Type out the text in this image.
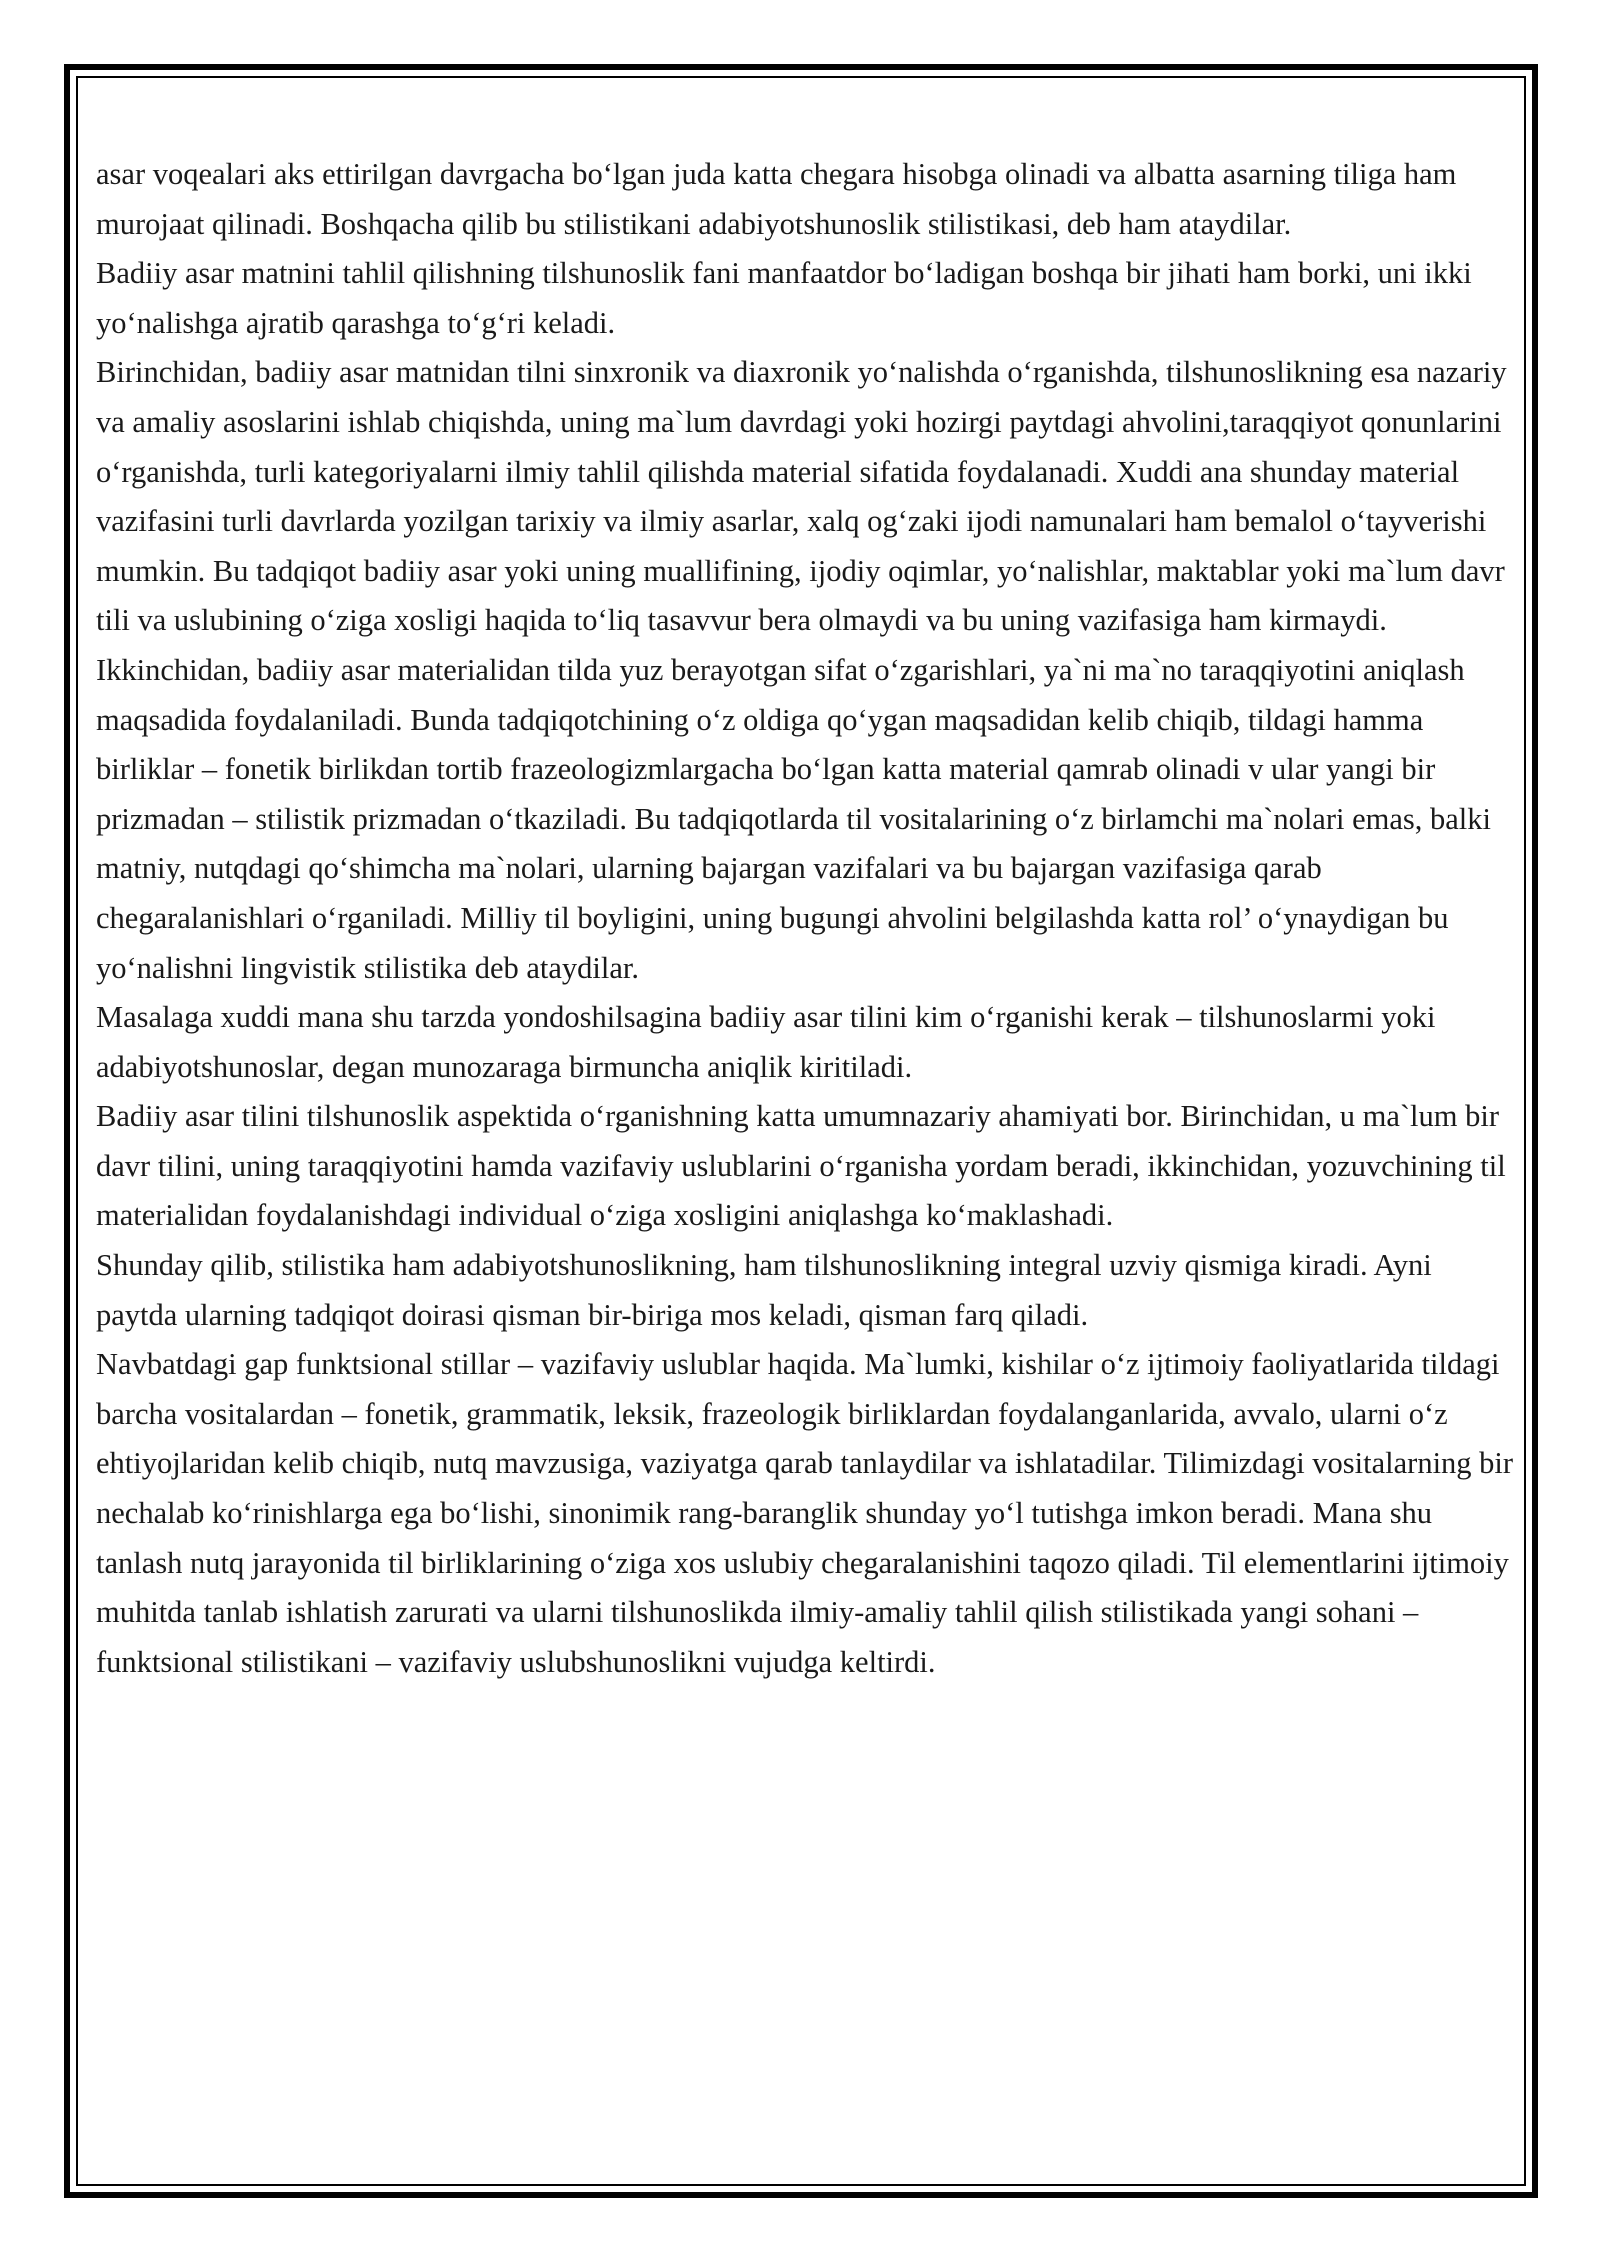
asar voqealari aks ettirilgan davrgacha bo‘lgan juda katta chegara hisobga olinadi va albatta asarning tiliga ham murojaat qilinadi. Boshqacha qilib bu stilistikani adabiyotshunoslik stilistikasi, deb ham ataydilar.

Badiiy asar matnini tahlil qilishning tilshunoslik fani manfaatdor bo‘ladigan boshqa bir jihati ham borki, uni ikki yo‘nalishga ajratib qarashga to‘g‘ri keladi.

Birinchidan, badiiy asar matnidan tilni sinxronik va diaxronik yo‘nalishda o‘rganishda, tilshunoslikning esa nazariy va amaliy asoslarini ishlab chiqishda, uning ma`lum davrdagi yoki hozirgi paytdagi ahvolini,taraqqiyot qonunlarini o‘rganishda, turli kategoriyalarni ilmiy tahlil qilishda material sifatida foydalanadi. Xuddi ana shunday material vazifasini turli davrlarda yozilgan tarixiy va ilmiy asarlar, xalq og‘zaki ijodi namunalari ham bemalol o‘tayverishi mumkin. Bu tadqiqot badiiy asar yoki uning muallifining, ijodiy oqimlar, yo‘nalishlar, maktablar yoki ma`lum davr tili va uslubining o‘ziga xosligi haqida to‘liq tasavvur bera olmaydi va bu uning vazifasiga ham kirmaydi.

Ikkinchidan, badiiy asar materialidan tilda yuz berayotgan sifat o‘zgarishlari, ya`ni ma`no taraqqiyotini aniqlash maqsadida foydalaniladi. Bunda tadqiqotchining o‘z oldiga qo‘ygan maqsadidan kelib chiqib, tildagi hamma birliklar – fonetik birlikdan tortib frazeologizmlargacha bo‘lgan katta material qamrab olinadi v ular yangi bir prizmadan – stilistik prizmadan o‘tkaziladi. Bu tadqiqotlarda til vositalarining o‘z birlamchi ma`nolari emas, balki matniy, nutqdagi qo‘shimcha ma`nolari, ularning bajargan vazifalari va bu bajargan vazifasiga qarab chegaralanishlari o‘rganiladi. Milliy til boyligini, uning bugungi ahvolini belgilashda katta rol’ o‘ynaydigan bu yo‘nalishni lingvistik stilistika deb ataydilar.

Masalaga xuddi mana shu tarzda yondoshilsagina badiiy asar tilini kim o‘rganishi kerak – tilshunoslarmi yoki adabiyotshunoslar, degan munozaraga birmuncha aniqlik kiritiladi.

Badiiy asar tilini tilshunoslik aspektida o‘rganishning katta umumnazariy ahamiyati bor. Birinchidan, u ma`lum bir davr tilini, uning taraqqiyotini hamda vazifaviy uslublarini o‘rganisha yordam beradi, ikkinchidan, yozuvchining til materialidan foydalanishdagi individual o‘ziga xosligini aniqlashga ko‘maklashadi.

Shunday qilib, stilistika ham adabiyotshunoslikning, ham tilshunoslikning integral uzviy qismiga kiradi. Ayni paytda ularning tadqiqot doirasi qisman bir-biriga mos keladi, qisman farq qiladi.

Navbatdagi gap funktsional stillar – vazifaviy uslublar haqida. Ma`lumki, kishilar o‘z ijtimoiy faoliyatlarida tildagi barcha vositalardan – fonetik, grammatik, leksik, frazeologik birliklardan foydalanganlarida, avvalo, ularni o‘z ehtiyojlaridan kelib chiqib, nutq mavzusiga, vaziyatga qarab tanlaydilar va ishlatadilar. Tilimizdagi vositalarning bir nechalab ko‘rinishlarga ega bo‘lishi, sinonimik rang-baranglik shunday yo‘l tutishga imkon beradi. Mana shu tanlash nutq jarayonida til birliklarining o‘ziga xos uslubiy chegaralanishini taqozo qiladi. Til elementlarini ijtimoiy muhitda tanlab ishlatish zarurati va ularni tilshunoslikda ilmiy-amaliy tahlil qilish stilistikada yangi sohani – funktsional stilistikani – vazifaviy uslubshunoslikni vujudga keltirdi.
